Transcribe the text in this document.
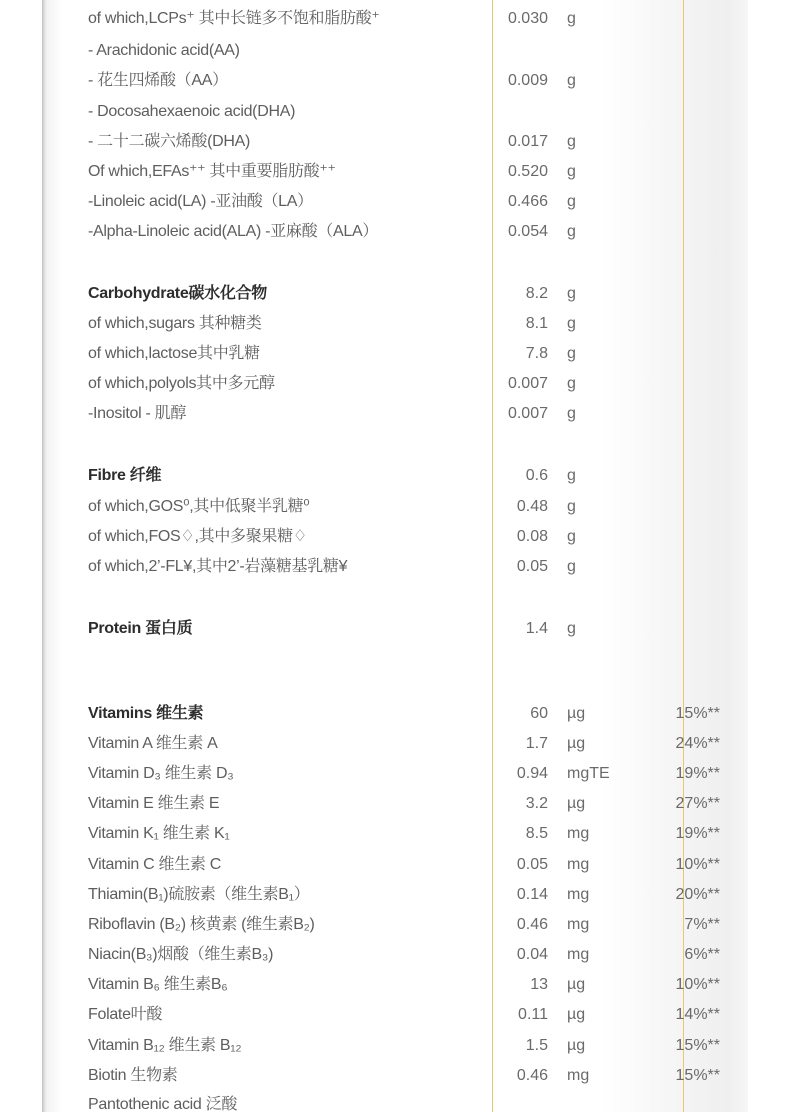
of which,LCPs⁺ 其中长链多不饱和脂肪酸⁺	0.030 g
- Arachidonic acid(AA)
- 花生四烯酸（AA）	0.009 g
- Docosahexaenoic acid(DHA)
- 二十二碳六烯酸(DHA)	0.017 g
Of which,EFAs⁺⁺ 其中重要脂肪酸⁺⁺	0.520 g
-Linoleic acid(LA) -亚油酸（LA）	0.466 g
-Alpha-Linoleic acid(ALA) -亚麻酸（ALA）	0.054 g
Carbohydrate碳水化合物	8.2 g
of which,sugars 其种糖类	8.1 g
of which,lactose其中乳糖	7.8 g
of which,polyols其中多元醇	0.007 g
-Inositol - 肌醇	0.007 g
Fibre 纤维	0.6 g
of which,GOS⁰,其中低聚半乳糖⁰	0.48 g
of which,FOS♢,其中多聚果糖♢	0.08 g
of which,2’-FL¥,其中2’-岩藻糖基乳糖¥	0.05 g
Protein 蛋白质	1.4 g
Vitamins 维生素	60 µg	15%**
Vitamin A 维生素 A	1.7 µg	24%**
Vitamin D₃ 维生素 D₃	0.94 mgTE	19%**
Vitamin E 维生素 E	3.2 µg	27%**
Vitamin K₁ 维生素 K₁	8.5 mg	19%**
Vitamin C 维生素 C	0.05 mg	10%**
Thiamin(B₁)硫胺素（维生素B₁）	0.14 mg	20%**
Riboflavin (B₂) 核黄素 (维生素B₂)	0.46 mg	7%**
Niacin(B₃)烟酸（维生素B₃)	0.04 mg	6%**
Vitamin B₆ 维生素B₆	13 µg	10%**
Folate叶酸	0.11 µg	14%**
Vitamin B₁₂ 维生素 B₁₂	1.5 µg	15%**
Biotin 生物素	0.46 mg	15%**
Pantothenic acid 泛酸
